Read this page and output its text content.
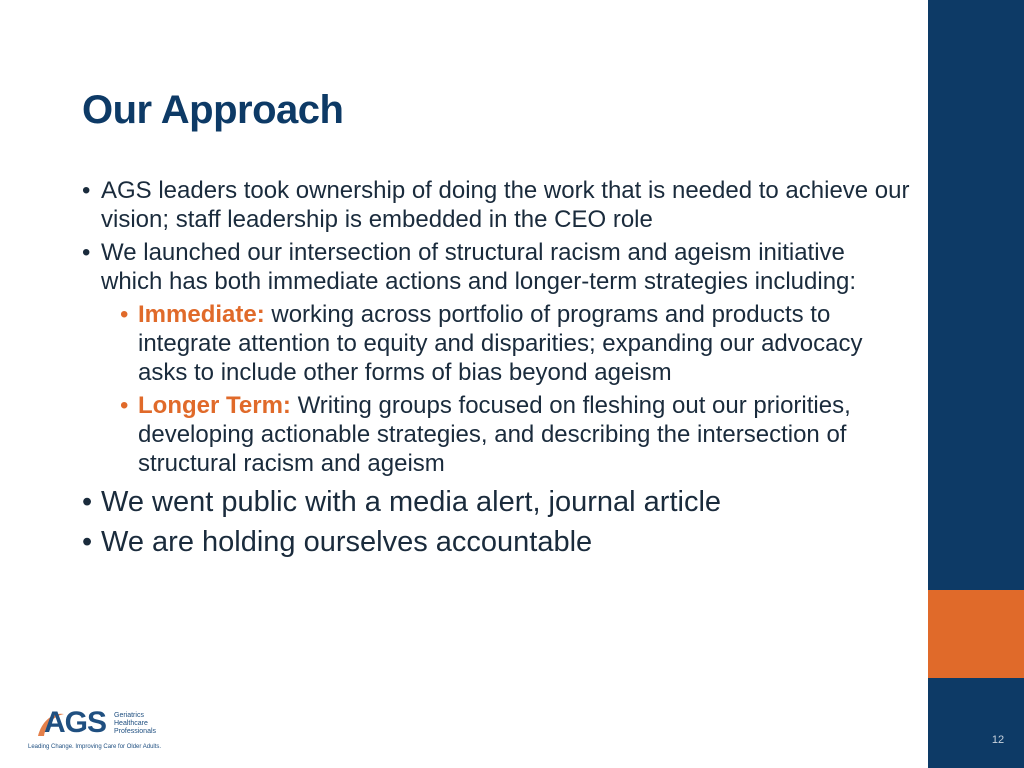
Our Approach

• AGS leaders took ownership of doing the work that is needed to achieve our vision; staff leadership is embedded in the CEO role

• We launched our intersection of structural racism and ageism initiative which has both immediate actions and longer-term strategies including:

• Immediate: working across portfolio of programs and products to integrate attention to equity and disparities; expanding our advocacy asks to include other forms of bias beyond ageism

• Longer Term: Writing groups focused on fleshing out our priorities, developing actionable strategies, and describing the intersection of structural racism and ageism

• We went public with a media alert, journal article

• We are holding ourselves accountable

AGS Geriatrics Healthcare Professionals
Leading Change. Improving Care for Older Adults.
12
